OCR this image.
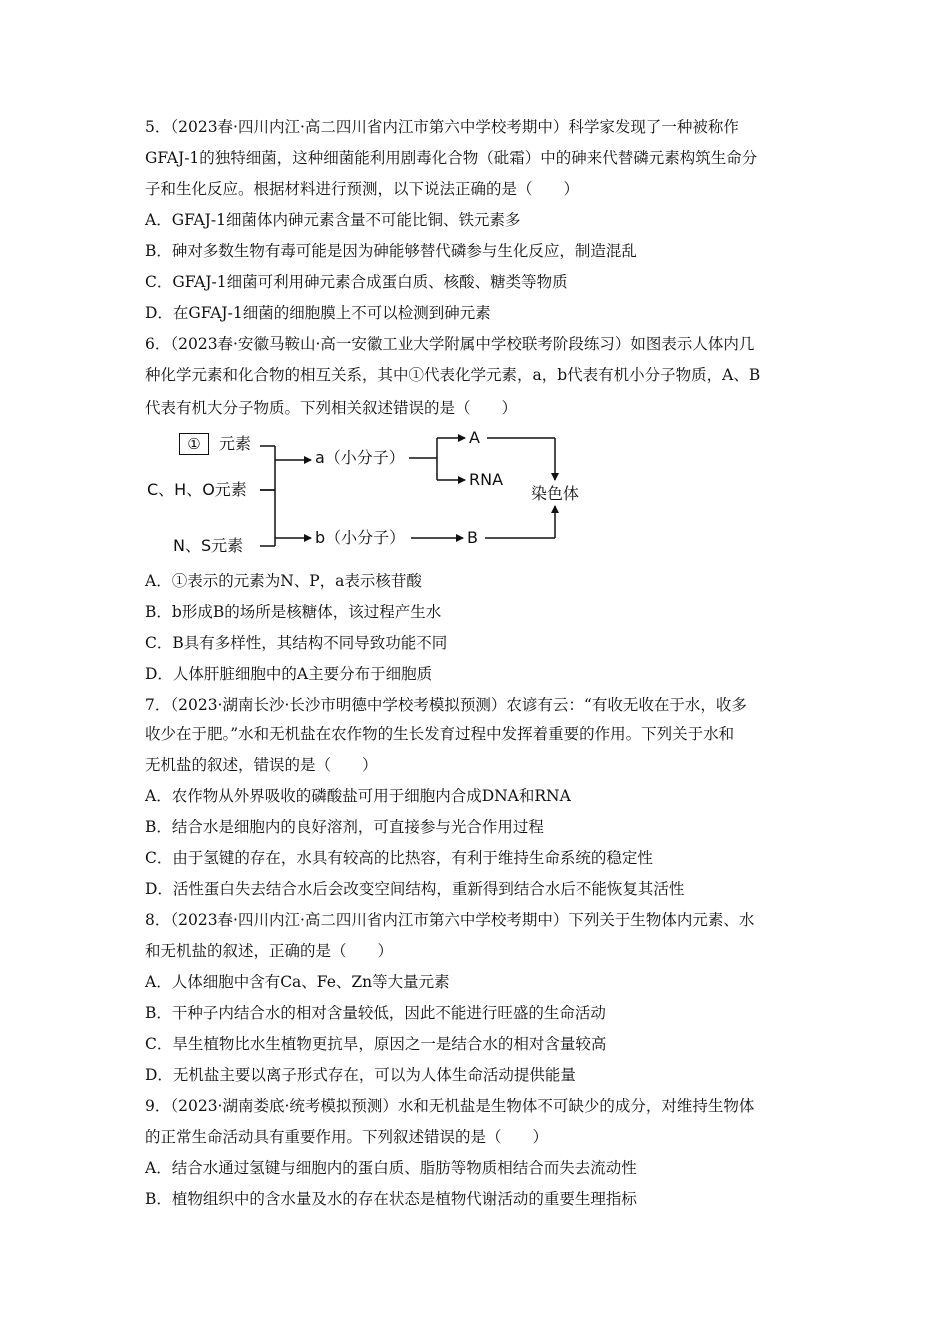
5．（2023春·四川内江·高二四川省内江市第六中学校考期中）科学家发现了一种被称作
GFAJ-1的独特细菌，这种细菌能利用剧毒化合物（砒霜）中的砷来代替磷元素构筑生命分
子和生化反应。根据材料进行预测，以下说法正确的是（　　）
A．GFAJ-1细菌体内砷元素含量不可能比铜、铁元素多
B．砷对多数生物有毒可能是因为砷能够替代磷参与生化反应，制造混乱
C．GFAJ-1细菌可利用砷元素合成蛋白质、核酸、糖类等物质
D．在GFAJ-1细菌的细胞膜上不可以检测到砷元素
6．（2023春·安徽马鞍山·高一安徽工业大学附属中学校联考阶段练习）如图表示人体内几
种化学元素和化合物的相互关系，其中①代表化学元素，a，b代表有机小分子物质，A、B
代表有机大分子物质。下列相关叙述错误的是（　　）
①	元素
C、H、O元素
N、S元素
a（小分子）
b（小分子）
A
RNA
B
染色体
A．①表示的元素为N、P，a表示核苷酸
B．b形成B的场所是核糖体，该过程产生水
C．B具有多样性，其结构不同导致功能不同
D．人体肝脏细胞中的A主要分布于细胞质
7．（2023·湖南长沙·长沙市明德中学校考模拟预测）农谚有云：“有收无收在于水，收多
收少在于肥。”水和无机盐在农作物的生长发育过程中发挥着重要的作用。下列关于水和
无机盐的叙述，错误的是（　　）
A．农作物从外界吸收的磷酸盐可用于细胞内合成DNA和RNA
B．结合水是细胞内的良好溶剂，可直接参与光合作用过程
C．由于氢键的存在，水具有较高的比热容，有利于维持生命系统的稳定性
D．活性蛋白失去结合水后会改变空间结构，重新得到结合水后不能恢复其活性
8．（2023春·四川内江·高二四川省内江市第六中学校考期中）下列关于生物体内元素、水
和无机盐的叙述，正确的是（　　）
A．人体细胞中含有Ca、Fe、Zn等大量元素
B．干种子内结合水的相对含量较低，因此不能进行旺盛的生命活动
C．旱生植物比水生植物更抗旱，原因之一是结合水的相对含量较高
D．无机盐主要以离子形式存在，可以为人体生命活动提供能量
9．（2023·湖南娄底·统考模拟预测）水和无机盐是生物体不可缺少的成分，对维持生物体
的正常生命活动具有重要作用。下列叙述错误的是（　　）
A．结合水通过氢键与细胞内的蛋白质、脂肪等物质相结合而失去流动性
B．植物组织中的含水量及水的存在状态是植物代谢活动的重要生理指标
